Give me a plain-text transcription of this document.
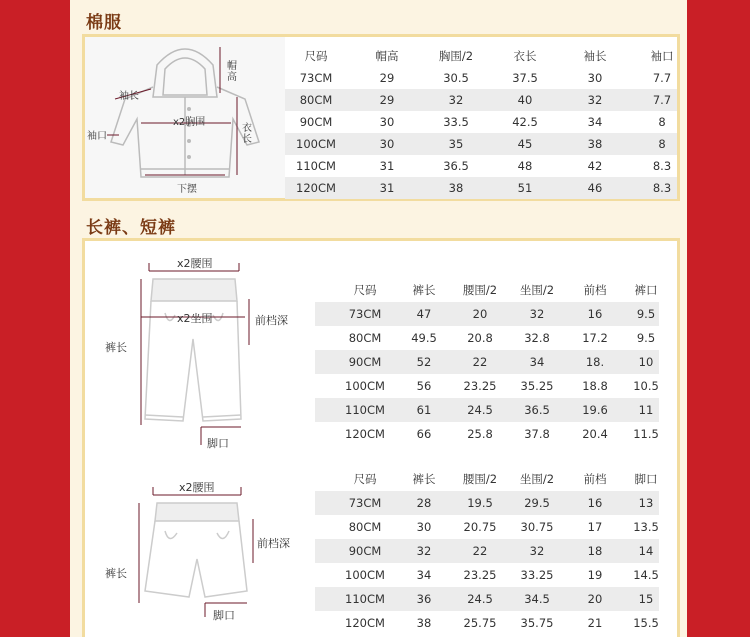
棉服
帽高
袖长
袖口
x2胸围
衣长
下摆
尺码	帽高	胸围/2	衣长	袖长	袖口
73CM	29	30.5	37.5	30	7.7
80CM	29	32	40	32	7.7
90CM	30	33.5	42.5	34	8
100CM	30	35	45	38	8
110CM	31	36.5	48	42	8.3
120CM	31	38	51	46	8.3
长裤、短裤
x2腰围
x2坐围	前档深
裤长
脚口
尺码	裤长	腰围/2	坐围/2	前档	裤口
73CM	47	20	32	16	9.5
80CM	49.5	20.8	32.8	17.2	9.5
90CM	52	22	34	18.	10
100CM	56	23.25	35.25	18.8	10.5
110CM	61	24.5	36.5	19.6	11
120CM	66	25.8	37.8	20.4	11.5
x2腰围
前档深
裤长
脚口
尺码	裤长	腰围/2	坐围/2	前档	脚口
73CM	28	19.5	29.5	16	13
80CM	30	20.75	30.75	17	13.5
90CM	32	22	32	18	14
100CM	34	23.25	33.25	19	14.5
110CM	36	24.5	34.5	20	15
120CM	38	25.75	35.75	21	15.5
